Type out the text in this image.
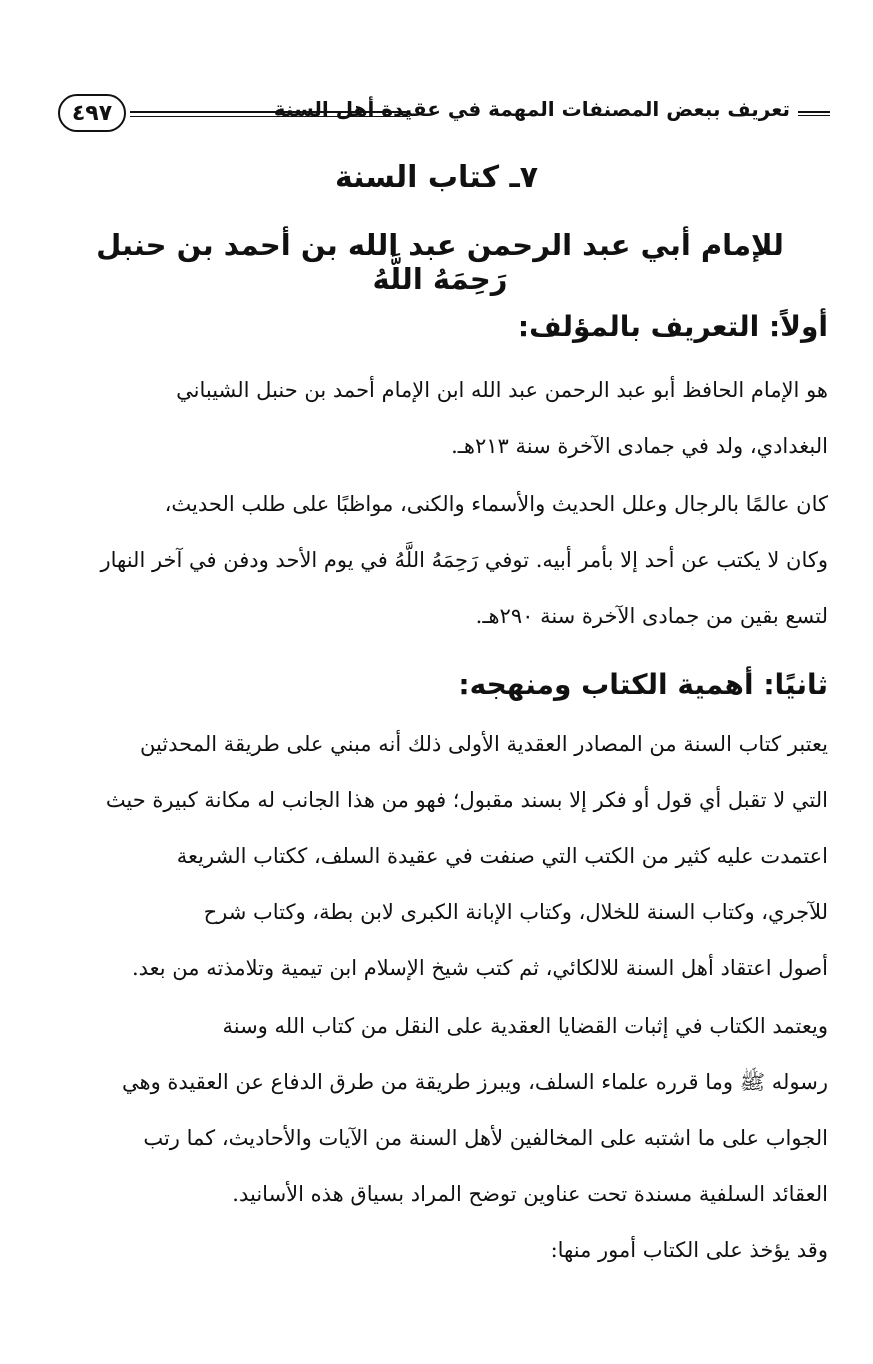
تعريف ببعض المصنفات المهمة في عقيدة أهل السنة
٤٩٧
٧ـ كتاب السنة
للإمام أبي عبد الرحمن عبد الله بن أحمد بن حنبل رَحِمَهُ اللَّهُ
أولاً: التعريف بالمؤلف:
هو الإمام الحافظ أبو عبد الرحمن عبد الله ابن الإمام أحمد بن حنبل الشيباني
البغدادي، ولد في جمادى الآخرة سنة ٢١٣هـ.
كان عالمًا بالرجال وعلل الحديث والأسماء والكنى، مواظبًا على طلب الحديث،
وكان لا يكتب عن أحد إلا بأمر أبيه. توفي رَحِمَهُ اللَّهُ في يوم الأحد ودفن في آخر النهار
لتسع بقين من جمادى الآخرة سنة ٢٩٠هـ.
ثانيًا: أهمية الكتاب ومنهجه:
يعتبر كتاب السنة من المصادر العقدية الأولى ذلك أنه مبني على طريقة المحدثين
التي لا تقبل أي قول أو فكر إلا بسند مقبول؛ فهو من هذا الجانب له مكانة كبيرة حيث
اعتمدت عليه كثير من الكتب التي صنفت في عقيدة السلف، ككتاب الشريعة
للآجري، وكتاب السنة للخلال، وكتاب الإبانة الكبرى لابن بطة، وكتاب شرح
أصول اعتقاد أهل السنة للالكائي، ثم كتب شيخ الإسلام ابن تيمية وتلامذته من بعد.
ويعتمد الكتاب في إثبات القضايا العقدية على النقل من كتاب الله وسنة
رسوله ﷺ وما قرره علماء السلف، ويبرز طريقة من طرق الدفاع عن العقيدة وهي
الجواب على ما اشتبه على المخالفين لأهل السنة من الآيات والأحاديث، كما رتب
العقائد السلفية مسندة تحت عناوين توضح المراد بسياق هذه الأسانيد.
وقد يؤخذ على الكتاب أمور منها:
